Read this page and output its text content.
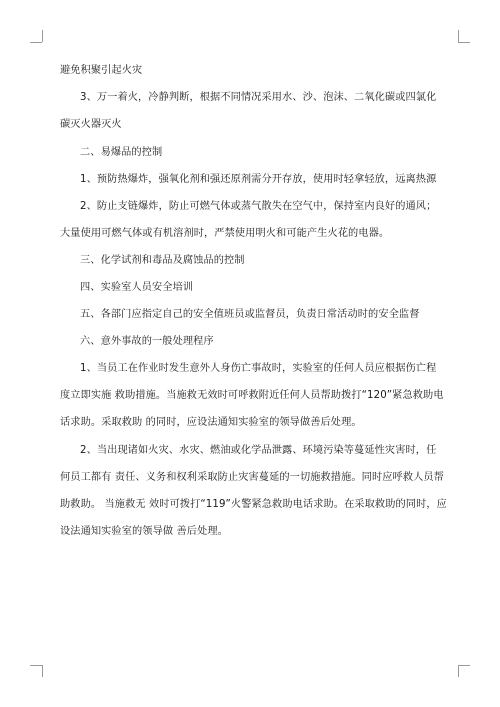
避免积聚引起火灾
3、万一着火，冷静判断，根据不同情况采用水、沙、泡沫、二氧化碳或四氯化
碳灭火器灭火
二、易爆品的控制
1、预防热爆炸，强氧化剂和强还原剂需分开存放，使用时轻拿轻放，远离热源
2、防止支链爆炸，防止可燃气体或蒸气散失在空气中，保持室内良好的通风；
大量使用可燃气体或有机溶剂时，严禁使用明火和可能产生火花的电器。
三、化学试剂和毒品及腐蚀品的控制
四、实验室人员安全培训
五、各部门应指定自己的安全值班员或监督员，负责日常活动时的安全监督
六、意外事故的一般处理程序
1、当员工在作业时发生意外人身伤亡事故时，实验室的任何人员应根据伤亡程
度立即实施 救助措施。当施救无效时可呼救附近任何人员帮助拨打“120”紧急救助电
话求助。采取救助 的同时，应设法通知实验室的领导做善后处理。
2、当出现诸如火灾、水灾、燃油或化学品泄露、环境污染等蔓延性灾害时，任
何员工都有 责任、义务和权利采取防止灾害蔓延的一切施救措施。同时应呼救人员帮
助救助。 当施救无 效时可拨打“119”火警紧急救助电话求助。在采取救助的同时，应
设法通知实验室的领导做 善后处理。
